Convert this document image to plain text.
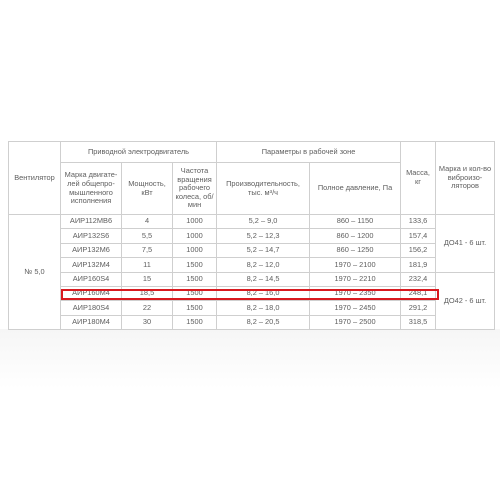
Вентилятор	Приводной электродвигатель			Параметры в рабочей зоне		Масса, кг	Марка и кол-во виброизо-ляторов
	Марка двигате-лей общепро-мышленного исполнения	Мощность, кВт	Частота вращения рабочего колеса, об/мин	Производительность, тыс. м³/ч	Полное давление, Па		
№ 5,0	АИР112МВ6	4	1000	5,2 – 9,0	860 – 1150	133,6	ДО41 - 6 шт.
	АИР132S6	5,5	1000	5,2 – 12,3	860 – 1200	157,4	
	АИР132М6	7,5	1000	5,2 – 14,7	860 – 1250	156,2	
	АИР132М4	11	1500	8,2 – 12,0	1970 – 2100	181,9	
	АИР160S4	15	1500	8,2 – 14,5	1970 – 2210	232,4	ДО42 - 6 шт.
	АИР160М4	18,5	1500	8,2 – 16,0	1970 – 2350	248,1	
	АИР180S4	22	1500	8,2 – 18,0	1970 – 2450	291,2	
	АИР180М4	30	1500	8,2 – 20,5	1970 – 2500	318,5	
